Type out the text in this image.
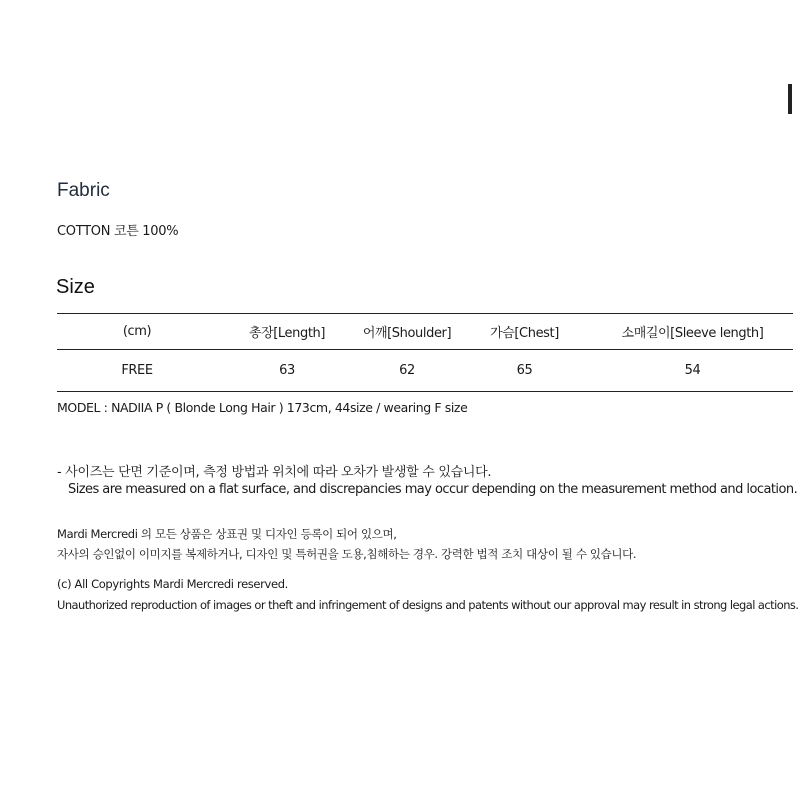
Fabric
COTTON 코튼 100%
Size
(cm)	총장[Length]	어깨[Shoulder]	가슴[Chest]	소매길이[Sleeve length]
FREE	63	62	65	54
MODEL : NADIIA P ( Blonde Long Hair ) 173cm, 44size / wearing F size
- 사이즈는 단면 기준이며, 측정 방법과 위치에 따라 오차가 발생할 수 있습니다.
Sizes are measured on a flat surface, and discrepancies may occur depending on the measurement method and location.
Mardi Mercredi 의 모든 상품은 상표권 및 디자인 등록이 되어 있으며,
자사의 승인없이 이미지를 복제하거나, 디자인 및 특허권을 도용,침해하는 경우. 강력한 법적 조치 대상이 될 수 있습니다.
(c) All Copyrights Mardi Mercredi reserved.
Unauthorized reproduction of images or theft and infringement of designs and patents without our approval may result in strong legal actions.
